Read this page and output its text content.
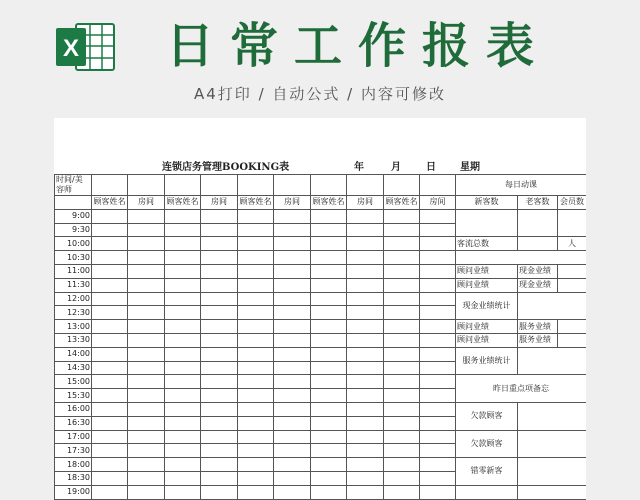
X 日常工作报表
A4打印 / 自动公式 / 内容可修改
连锁店务管理BOOKING表	年	月	日 星期
时间/美容师											每日动课		
	顾客姓名	房间	顾客姓名	房间	顾客姓名	房间	顾客姓名	房间	顾客姓名	房间	新客数	老客数	会员数
9:00													
9:30													
10:00											客流总数		人
10:30													
11:00											顾问业绩	现金业绩	
11:30											顾问业绩	现金业绩	
12:00											现金业绩统计		
12:30													
13:00											顾问业绩	服务业绩	
13:30											顾问业绩	服务业绩	
14:00											服务业绩统计		
14:30													
15:00											昨日重点项备忘		
15:30													
16:00											欠款顾客		
16:30													
17:00											欠款顾客		
17:30													
18:00											错零新客		
18:30													
19:00													
